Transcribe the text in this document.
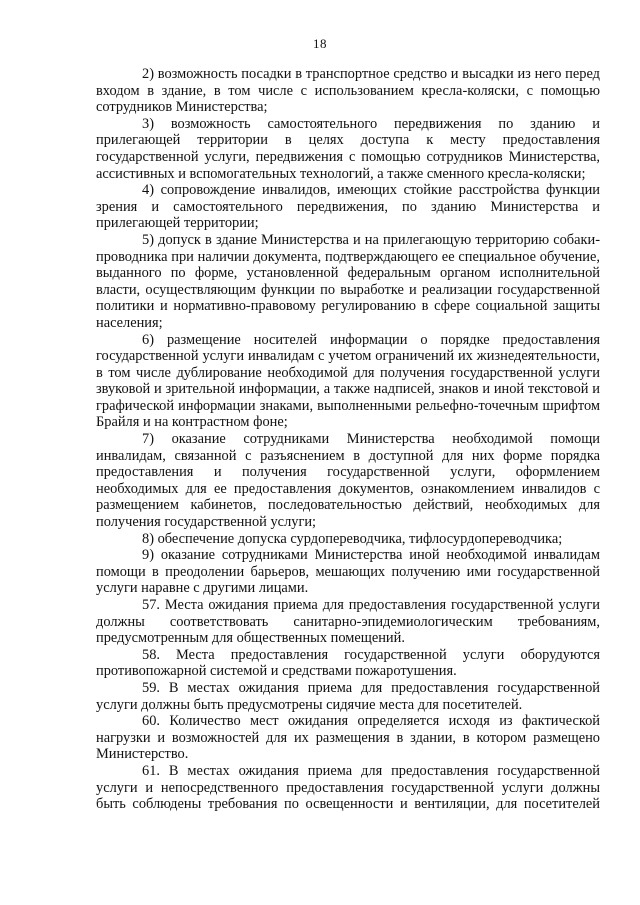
18

2) возможность посадки в транспортное средство и высадки из него перед входом в здание, в том числе с использованием кресла-коляски, с помощью сотрудников Министерства;

3) возможность самостоятельного передвижения по зданию и прилегающей территории в целях доступа к месту предоставления государственной услуги, передвижения с помощью сотрудников Министерства, ассистивных и вспомогательных технологий, а также сменного кресла-коляски;

4) сопровождение инвалидов, имеющих стойкие расстройства функции зрения и самостоятельного передвижения, по зданию Министерства и прилегающей территории;

5) допуск в здание Министерства и на прилегающую территорию собаки-проводника при наличии документа, подтверждающего ее специальное обучение, выданного по форме, установленной федеральным органом исполнительной власти, осуществляющим функции по выработке и реализации государственной политики и нормативно-правовому регулированию в сфере социальной защиты населения;

6) размещение носителей информации о порядке предоставления государственной услуги инвалидам с учетом ограничений их жизнедеятельности, в том числе дублирование необходимой для получения государственной услуги звуковой и зрительной информации, а также надписей, знаков и иной текстовой и графической информации знаками, выполненными рельефно-точечным шрифтом Брайля и на контрастном фоне;

7) оказание сотрудниками Министерства необходимой помощи инвалидам, связанной с разъяснением в доступной для них форме порядка предоставления и получения государственной услуги, оформлением необходимых для ее предоставления документов, ознакомлением инвалидов с размещением кабинетов, последовательностью действий, необходимых для получения государственной услуги;

8) обеспечение допуска сурдопереводчика, тифлосурдопереводчика;

9) оказание сотрудниками Министерства иной необходимой инвалидам помощи в преодолении барьеров, мешающих получению ими государственной услуги наравне с другими лицами.

57. Места ожидания приема для предоставления государственной услуги должны соответствовать санитарно-эпидемиологическим требованиям, предусмотренным для общественных помещений.

58. Места предоставления государственной услуги оборудуются противопожарной системой и средствами пожаротушения.

59. В местах ожидания приема для предоставления государственной услуги должны быть предусмотрены сидячие места для посетителей.

60. Количество мест ожидания определяется исходя из фактической нагрузки и возможностей для их размещения в здании, в котором размещено Министерство.

61. В местах ожидания приема для предоставления государственной услуги и непосредственного предоставления государственной услуги должны быть соблюдены требования по освещенности и вентиляции, для посетителей
